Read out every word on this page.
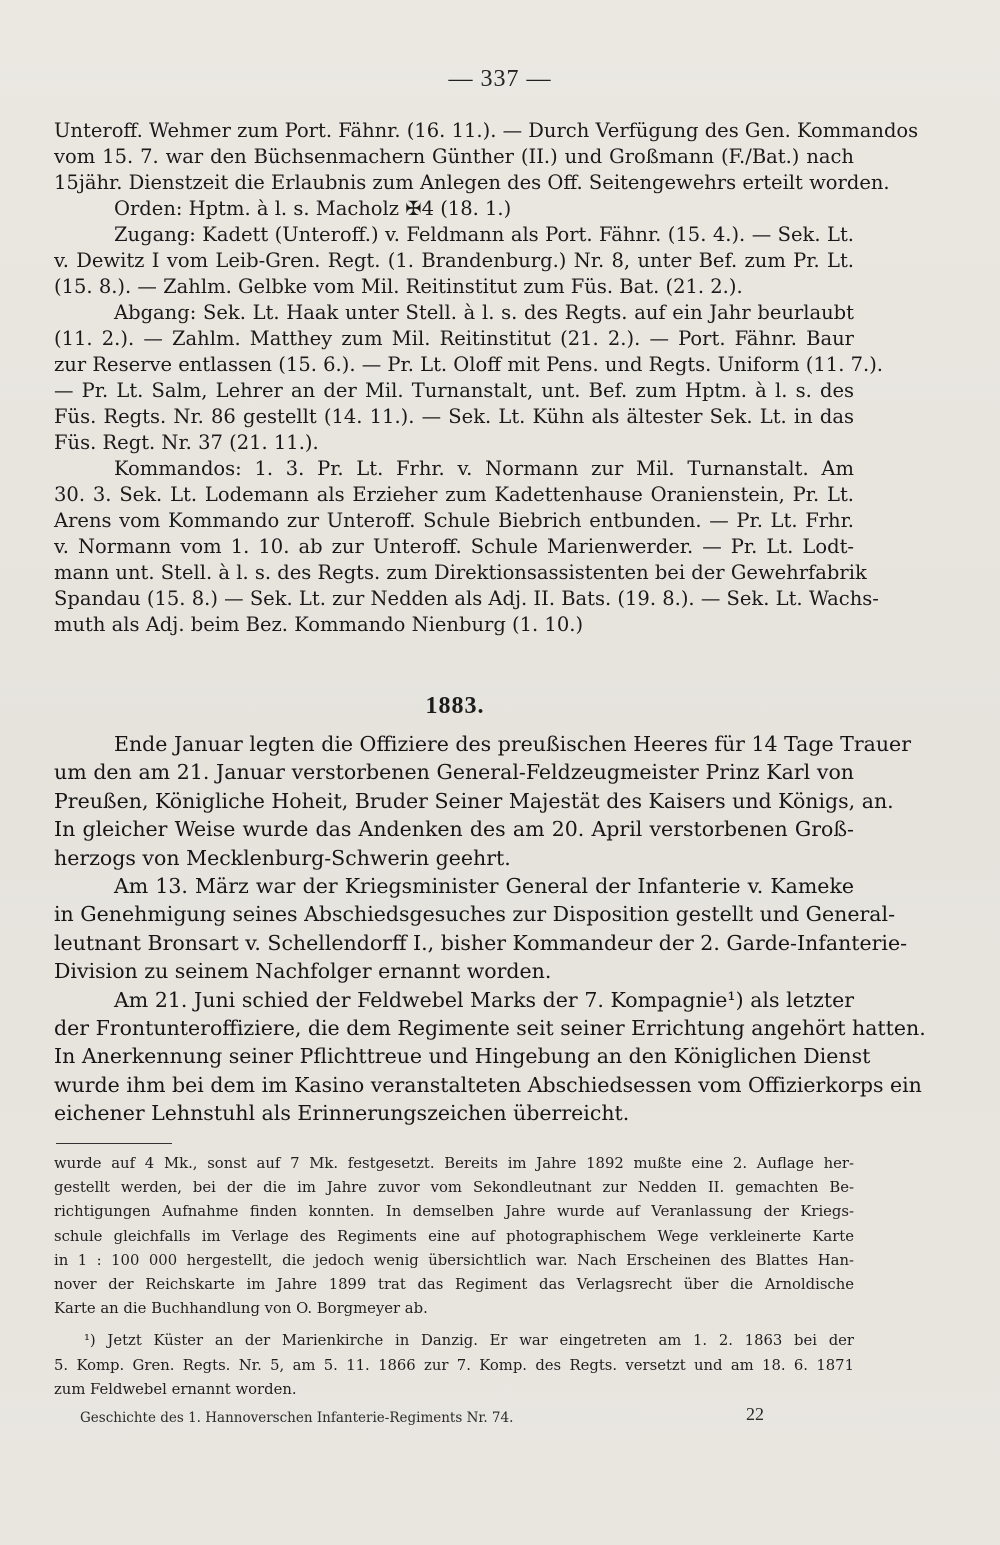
— 337 —
Unteroff. Wehmer zum Port. Fähnr. (16. 11.). — Durch Verfügung des Gen. Kommandos
vom 15. 7. war den Büchsenmachern Günther (II.) und Großmann (F./Bat.) nach
15jähr. Dienstzeit die Erlaubnis zum Anlegen des Off. Seitengewehrs erteilt worden.
Orden: Hptm. à l. s. Macholz ✠4 (18. 1.)
Zugang: Kadett (Unteroff.) v. Feldmann als Port. Fähnr. (15. 4.). — Sek. Lt.
v. Dewitz I vom Leib-Gren. Regt. (1. Brandenburg.) Nr. 8, unter Bef. zum Pr. Lt.
(15. 8.). — Zahlm. Gelbke vom Mil. Reitinstitut zum Füs. Bat. (21. 2.).
Abgang: Sek. Lt. Haak unter Stell. à l. s. des Regts. auf ein Jahr beurlaubt
(11. 2.). — Zahlm. Matthey zum Mil. Reitinstitut (21. 2.). — Port. Fähnr. Baur
zur Reserve entlassen (15. 6.). — Pr. Lt. Oloff mit Pens. und Regts. Uniform (11. 7.).
— Pr. Lt. Salm, Lehrer an der Mil. Turnanstalt, unt. Bef. zum Hptm. à l. s. des
Füs. Regts. Nr. 86 gestellt (14. 11.). — Sek. Lt. Kühn als ältester Sek. Lt. in das
Füs. Regt. Nr. 37 (21. 11.).
Kommandos: 1. 3. Pr. Lt. Frhr. v. Normann zur Mil. Turnanstalt. Am
30. 3. Sek. Lt. Lodemann als Erzieher zum Kadettenhause Oranienstein, Pr. Lt.
Arens vom Kommando zur Unteroff. Schule Biebrich entbunden. — Pr. Lt. Frhr.
v. Normann vom 1. 10. ab zur Unteroff. Schule Marienwerder. — Pr. Lt. Lodt-
mann unt. Stell. à l. s. des Regts. zum Direktionsassistenten bei der Gewehrfabrik
Spandau (15. 8.) — Sek. Lt. zur Nedden als Adj. II. Bats. (19. 8.). — Sek. Lt. Wachs-
muth als Adj. beim Bez. Kommando Nienburg (1. 10.)
1883.
Ende Januar legten die Offiziere des preußischen Heeres für 14 Tage Trauer
um den am 21. Januar verstorbenen General-Feldzeugmeister Prinz Karl von
Preußen, Königliche Hoheit, Bruder Seiner Majestät des Kaisers und Königs, an.
In gleicher Weise wurde das Andenken des am 20. April verstorbenen Groß-
herzogs von Mecklenburg-Schwerin geehrt.
Am 13. März war der Kriegsminister General der Infanterie v. Kameke
in Genehmigung seines Abschiedsgesuches zur Disposition gestellt und General-
leutnant Bronsart v. Schellendorff I., bisher Kommandeur der 2. Garde-Infanterie-
Division zu seinem Nachfolger ernannt worden.
Am 21. Juni schied der Feldwebel Marks der 7. Kompagnie¹) als letzter
der Frontunteroffiziere, die dem Regimente seit seiner Errichtung angehört hatten.
In Anerkennung seiner Pflichttreue und Hingebung an den Königlichen Dienst
wurde ihm bei dem im Kasino veranstalteten Abschiedsessen vom Offizierkorps ein
eichener Lehnstuhl als Erinnerungszeichen überreicht.
wurde auf 4 Mk., sonst auf 7 Mk. festgesetzt. Bereits im Jahre 1892 mußte eine 2. Auflage her-
gestellt werden, bei der die im Jahre zuvor vom Sekondleutnant zur Nedden II. gemachten Be-
richtigungen Aufnahme finden konnten. In demselben Jahre wurde auf Veranlassung der Kriegs-
schule gleichfalls im Verlage des Regiments eine auf photographischem Wege verkleinerte Karte
in 1 : 100 000 hergestellt, die jedoch wenig übersichtlich war. Nach Erscheinen des Blattes Han-
nover der Reichskarte im Jahre 1899 trat das Regiment das Verlagsrecht über die Arnoldische
Karte an die Buchhandlung von O. Borgmeyer ab.
¹) Jetzt Küster an der Marienkirche in Danzig. Er war eingetreten am 1. 2. 1863 bei der
5. Komp. Gren. Regts. Nr. 5, am 5. 11. 1866 zur 7. Komp. des Regts. versetzt und am 18. 6. 1871
zum Feldwebel ernannt worden.
Geschichte des 1. Hannoverschen Infanterie-Regiments Nr. 74.	22
